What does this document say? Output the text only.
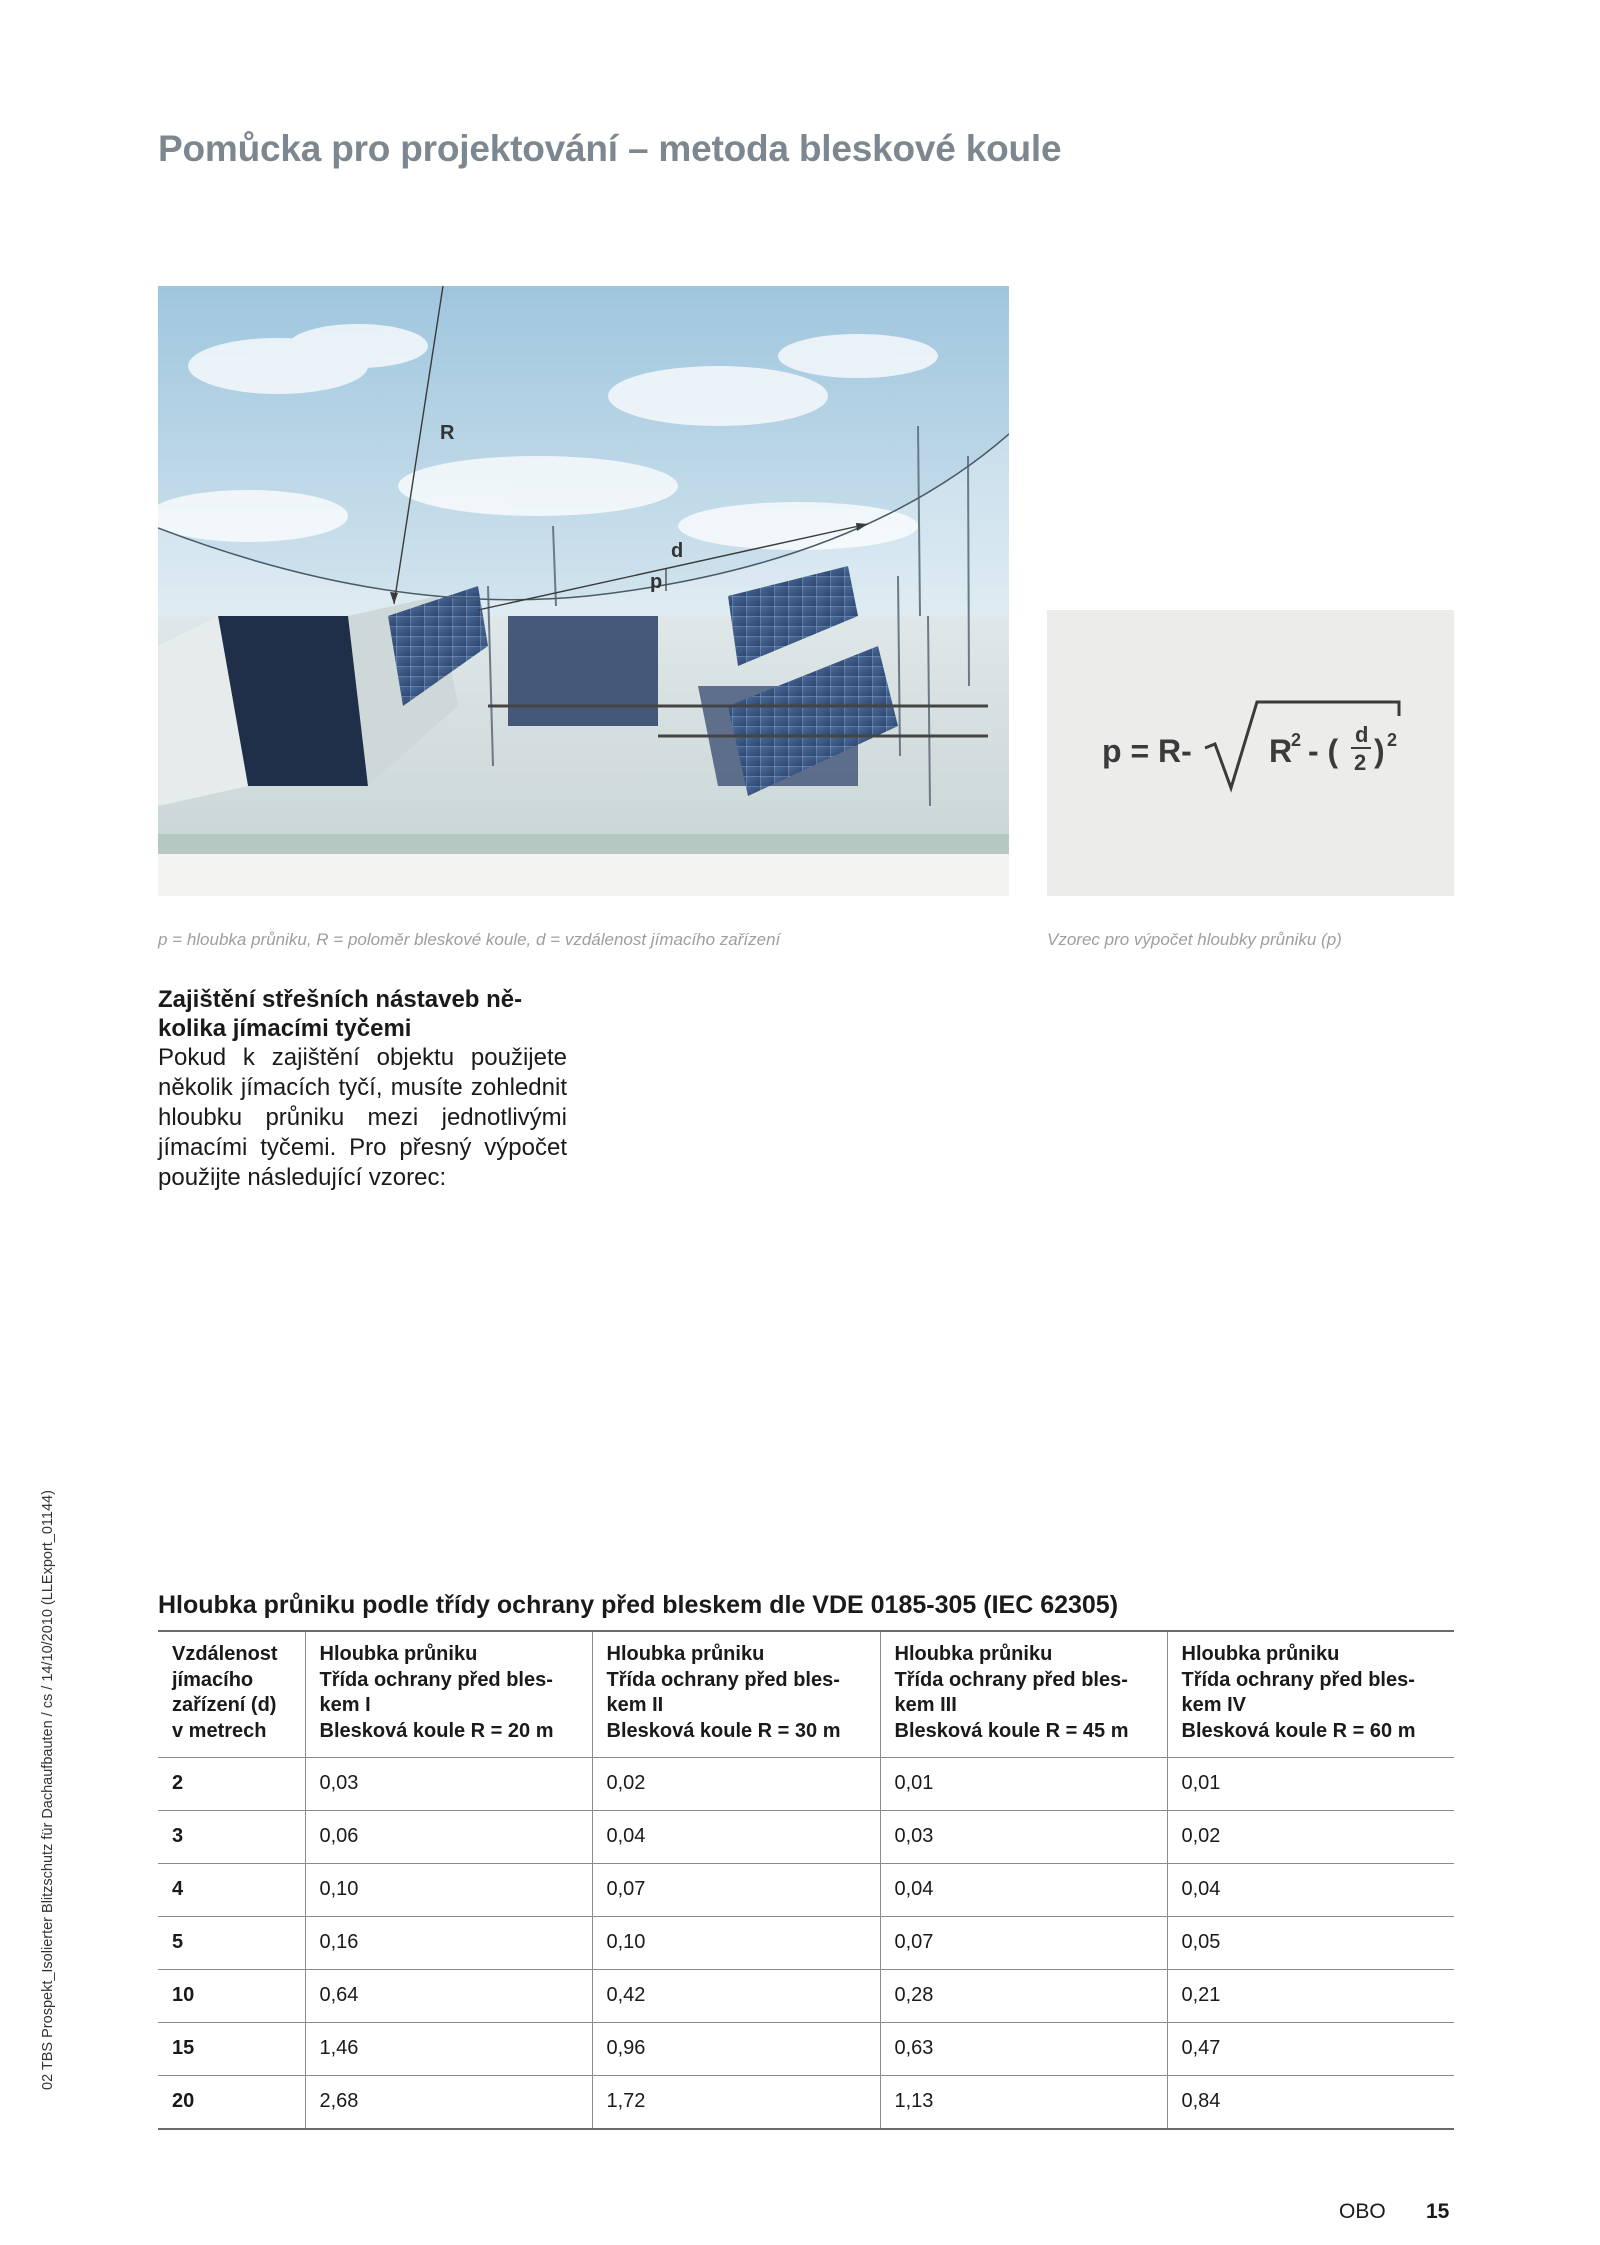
Pomůcka pro projektování – metoda bleskové koule
R
d
p
p = R- R
2 - ( d
2 ) 2
p = hloubka průniku, R = poloměr bleskové koule, d = vzdálenost jímacího zařízení	Vzorec pro výpočet hloubky průniku (p)

Zajištění střešních nástaveb několika jímacími tyčemi

Pokud k zajištění objektu použijete několik jímacích tyčí, musíte zohlednit hloubku průniku mezi jednotlivými jímacími tyčemi. Pro přesný výpočet použijte následující vzorec:

02 TBS Prospekt_Isolierter Blitzschutz für Dachaufbauten / cs / 14/10/2010 (LLExport_01144)	Hloubka průniku podle třídy ochrany před bleskem dle VDE 0185-305 (IEC 62305)
Vzdálenost
jímacího
zařízení (d)
v metrech	Hloubka průniku
Třída ochrany před bles-
kem I
Blesková koule R = 20 m	Hloubka průniku
Třída ochrany před bles-
kem II
Blesková koule R = 30 m	Hloubka průniku
Třída ochrany před bles-
kem III
Blesková koule R = 45 m	Hloubka průniku
Třída ochrany před bles-
kem IV
Blesková koule R = 60 m
2	0,03	0,02	0,01	0,01
3	0,06	0,04	0,03	0,02
4	0,10	0,07	0,04	0,04
5	0,16	0,10	0,07	0,05
10	0,64	0,42	0,28	0,21
15	1,46	0,96	0,63	0,47
20	2,68	1,72	1,13	0,84
OBO 15
